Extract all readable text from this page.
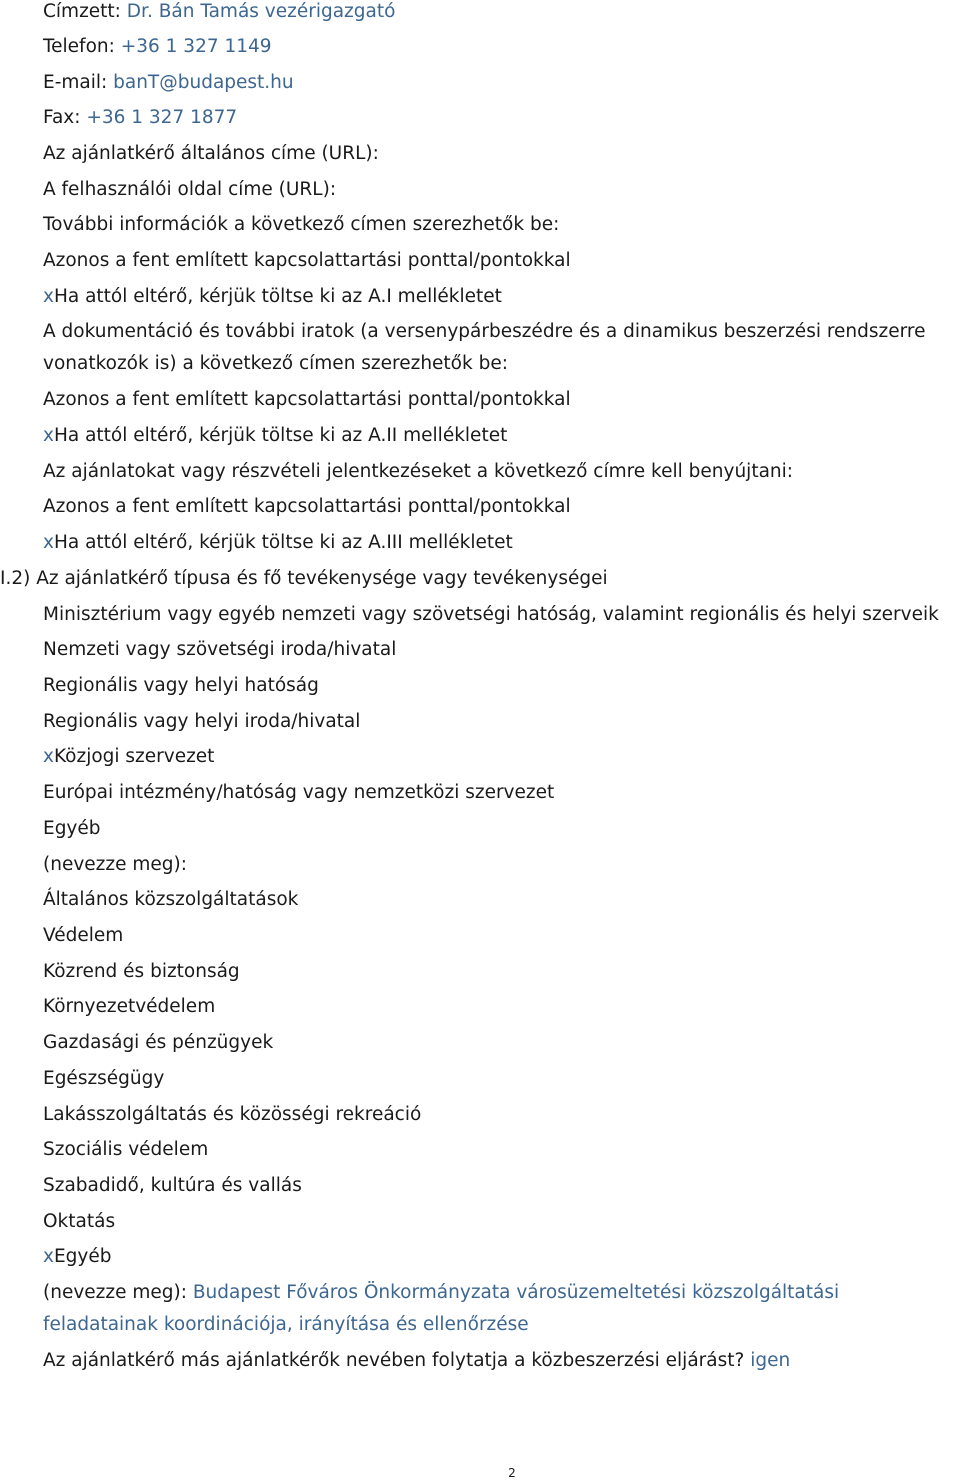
Címzett: Dr. Bán Tamás vezérigazgató
Telefon: +36 1 327 1149
E-mail: banT@budapest.hu
Fax: +36 1 327 1877
Az ajánlatkérő általános címe (URL):
A felhasználói oldal címe (URL):
További információk a következő címen szerezhetők be:
Azonos a fent említett kapcsolattartási ponttal/pontokkal
xHa attól eltérő, kérjük töltse ki az A.I mellékletet
A dokumentáció és további iratok (a versenypárbeszédre és a dinamikus beszerzési rendszerre vonatkozók is) a következő címen szerezhetők be:
Azonos a fent említett kapcsolattartási ponttal/pontokkal
xHa attól eltérő, kérjük töltse ki az A.II mellékletet
Az ajánlatokat vagy részvételi jelentkezéseket a következő címre kell benyújtani:
Azonos a fent említett kapcsolattartási ponttal/pontokkal
xHa attól eltérő, kérjük töltse ki az A.III mellékletet
I.2) Az ajánlatkérő típusa és fő tevékenysége vagy tevékenységei
Minisztérium vagy egyéb nemzeti vagy szövetségi hatóság, valamint regionális és helyi szerveik
Nemzeti vagy szövetségi iroda/hivatal
Regionális vagy helyi hatóság
Regionális vagy helyi iroda/hivatal
xKözjogi szervezet
Európai intézmény/hatóság vagy nemzetközi szervezet
Egyéb
(nevezze meg):
Általános közszolgáltatások
Védelem
Közrend és biztonság
Környezetvédelem
Gazdasági és pénzügyek
Egészségügy
Lakásszolgáltatás és közösségi rekreáció
Szociális védelem
Szabadidő, kultúra és vallás
Oktatás
xEgyéb
(nevezze meg): Budapest Főváros Önkormányzata városüzemeltetési közszolgáltatási feladatainak koordinációja, irányítása és ellenőrzése
Az ajánlatkérő más ajánlatkérők nevében folytatja a közbeszerzési eljárást? igen
2
